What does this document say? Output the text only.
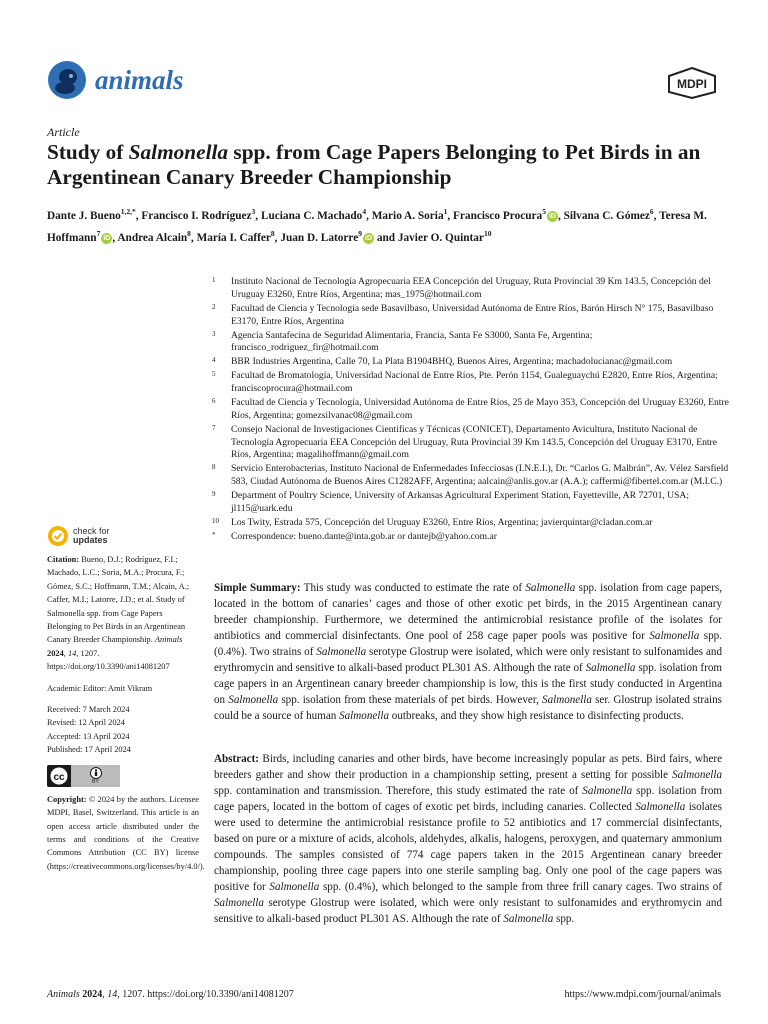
animals	MDPI
Article
Study of Salmonella spp. from Cage Papers Belonging to Pet Birds in an Argentinean Canary Breeder Championship
Dante J. Bueno$^{1,2,*}$, Francisco I. Rodríguez$^3$, Luciana C. Machado$^4$, Mario A. Soria$^1$, Francisco Procura$^5$iD , Silvana C. Gómez$^6$, Teresa M. Hoffmann$^7$iD , Andrea Alcain$^8$, María I. Caffer$^8$, Juan D. Latorre$^9$iD and Javier O. Quintar$^{10}$
1 Instituto Nacional de Tecnología Agropecuaria EEA Concepción del Uruguay, Ruta Provincial 39 Km 143.5, Concepción del Uruguay E3260, Entre Ríos, Argentina; mas_1975@hotmail.com
2 Facultad de Ciencia y Tecnología sede Basavilbaso, Universidad Autónoma de Entre Ríos, Barón Hirsch N° 175, Basavilbaso E3170, Entre Ríos, Argentina
3 Agencia Santafecina de Seguridad Alimentaria, Francia, Santa Fe S3000, Santa Fe, Argentina; francisco_rodriguez_fir@hotmail.com
4 BBR Industries Argentina, Calle 70, La Plata B1904BHQ, Buenos Aires, Argentina; machadolucianac@gmail.com
5 Facultad de Bromatología, Universidad Nacional de Entre Ríos, Pte. Perón 1154, Gualeguaychú E2820, Entre Ríos, Argentina; franciscoprocura@hotmail.com
6 Facultad de Ciencia y Tecnología, Universidad Autónoma de Entre Ríos, 25 de Mayo 353, Concepción del Uruguay E3260, Entre Ríos, Argentina; gomezsilvanac08@gmail.com
7 Consejo Nacional de Investigaciones Científicas y Técnicas (CONICET), Departamento Avicultura, Instituto Nacional de Tecnología Agropecuaria EEA Concepción del Uruguay, Ruta Provincial 39 Km 143.5, Concepción del Uruguay E3170, Entre Ríos, Argentina; magalihoffmann@gmail.com
8 Servicio Enterobacterias, Instituto Nacional de Enfermedades Infecciosas (I.N.E.I.), Dr. “Carlos G. Malbrán”, Av. Vélez Sarsfield 583, Ciudad Autónoma de Buenos Aires C1282AFF, Argentina; aalcain@anlis.gov.ar (A.A.); caffermi@fibertel.com.ar (M.I.C.)
9 Department of Poultry Science, University of Arkansas Agricultural Experiment Station, Fayetteville, AR 72701, USA; jl115@uark.edu
10 Los Twity, Estrada 575, Concepción del Uruguay E3260, Entre Ríos, Argentina; javierquintar@cladan.com.ar
* Correspondence: bueno.dante@inta.gob.ar or dantejb@yahoo.com.ar
check for
updates
Citation: Bueno, D.J.; Rodríguez, F.I.; Machado, L.C.; Soria, M.A.; Procura, F.; Gómez, S.C.; Hoffmann, T.M.; Alcain, A.; Caffer, M.I.; Latorre, J.D.; et al. Study of Salmonella spp. from Cage Papers Belonging to Pet Birds in an Argentinean Canary Breeder Championship. Animals 2024, 14, 1207. https://doi.org/10.3390/ani14081207
Academic Editor: Amit Vikram
Received: 7 March 2024
Revised: 12 April 2024
Accepted: 13 April 2024
Published: 17 April 2024
cc	BY
Copyright: © 2024 by the authors. Licensee MDPI, Basel, Switzerland. This article is an open access article distributed under the terms and conditions of the Creative Commons Attribution (CC BY) license (https://creativecommons.org/licenses/by/4.0/).
Simple Summary: This study was conducted to estimate the rate of Salmonella spp. isolation from cage papers, located in the bottom of canaries’ cages and those of other exotic pet birds, in the 2015 Argentinean canary breeder championship. Furthermore, we determined the antimicrobial resistance profile of the isolates for antibiotics and commercial disinfectants. One pool of 258 cage paper pools was positive for Salmonella spp. (0.4%). Two strains of Salmonella serotype Glostrup were isolated, which were only resistant to sulfonamides and erythromycin and sensitive to alkali-based product PL301 AS. Although the rate of Salmonella spp. isolation from cage papers in an Argentinean canary breeder championship is low, this is the first study conducted in Argentina on Salmonella spp. isolation from these materials of pet birds. However, Salmonella ser. Glostrup isolated strains could be a source of human Salmonella outbreaks, and they show high resistance to disinfecting products.
Abstract: Birds, including canaries and other birds, have become increasingly popular as pets. Bird fairs, where breeders gather and show their production in a championship setting, present a setting for possible Salmonella spp. contamination and transmission. Therefore, this study estimated the rate of Salmonella spp. isolation from cage papers, located in the bottom of cages of exotic pet birds, including canaries. Collected Salmonella isolates were used to determine the antimicrobial resistance profile to 52 antibiotics and 17 commercial disinfectants, based on pure or a mixture of acids, alcohols, aldehydes, alkalis, halogens, peroxygen, and quaternary ammonium compounds. The samples consisted of 774 cage papers taken in the 2015 Argentinean canary breeder championship, pooling three cage papers into one sterile sampling bag. Only one pool of the cage papers was positive for Salmonella spp. (0.4%), which belonged to the sample from three frill canary cages. Two strains of Salmonella serotype Glostrup were isolated, which were only resistant to sulfonamides and erythromycin and sensitive to alkali-based product PL301 AS. Although the rate of Salmonella spp.
Animals 2024, 14, 1207. https://doi.org/10.3390/ani14081207	https://www.mdpi.com/journal/animals
